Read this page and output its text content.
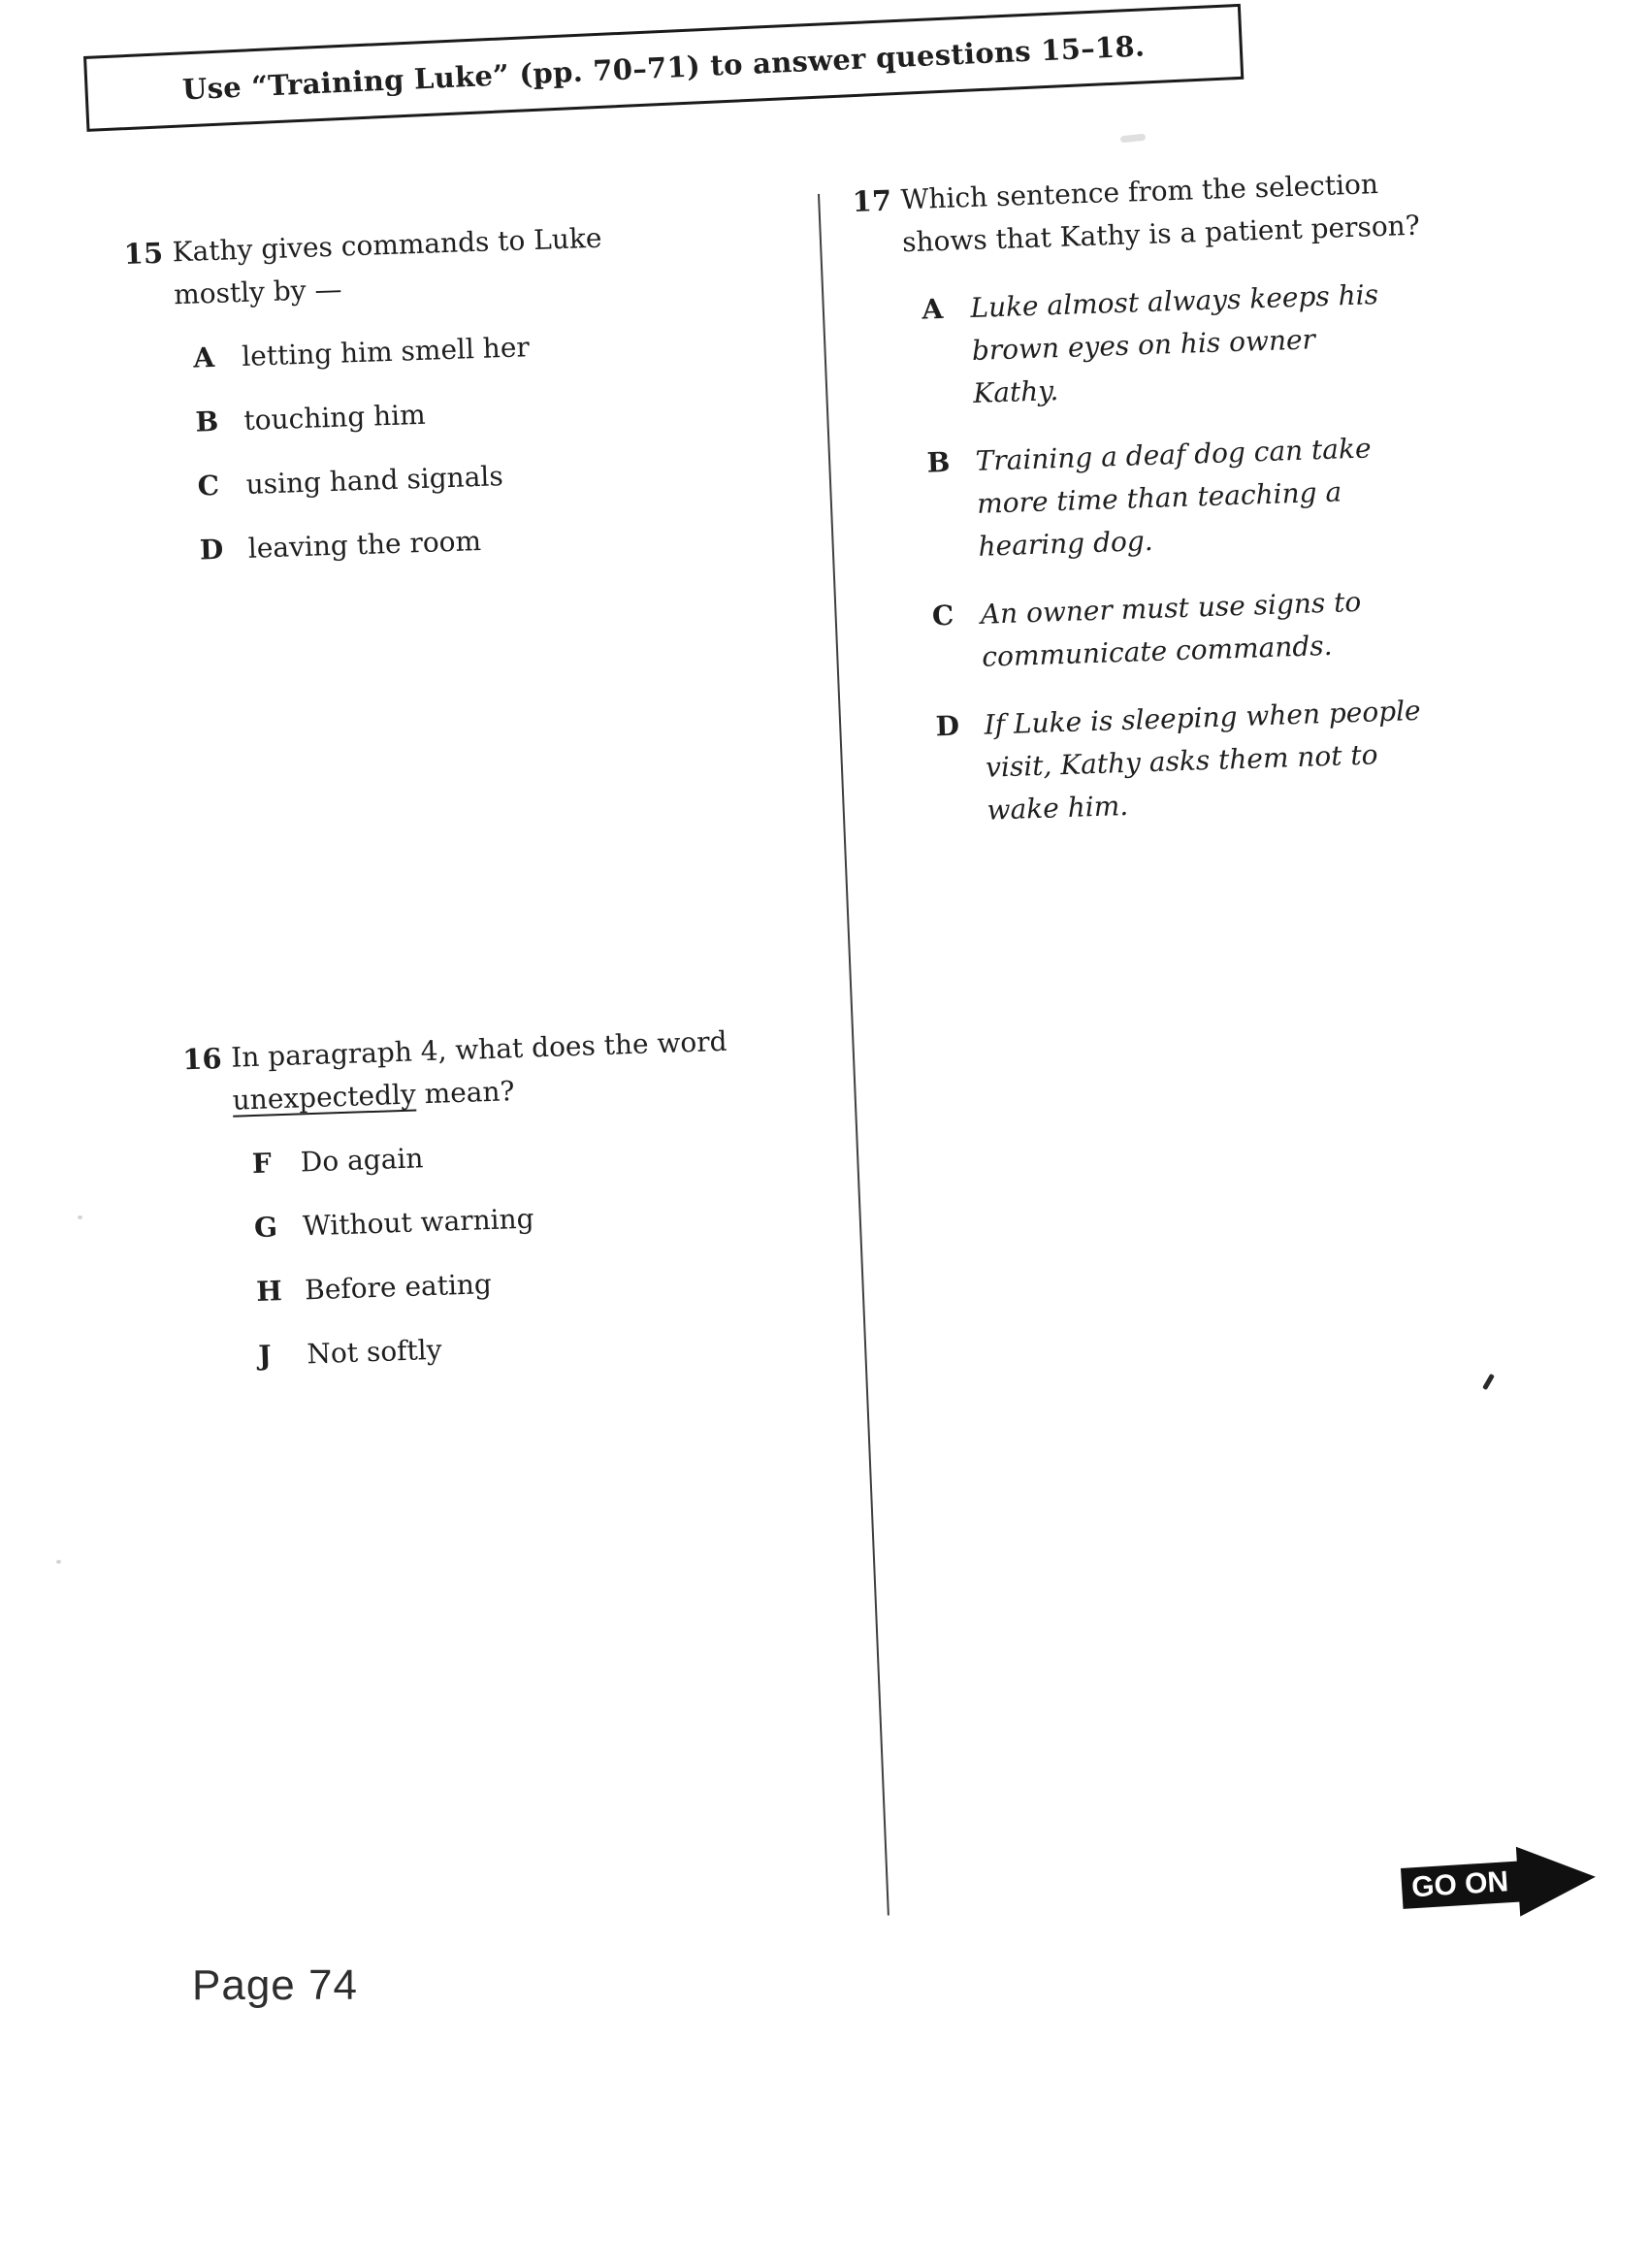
Use “Training Luke” (pp. 70–71) to answer questions 15–18.
15 Kathy gives commands to Luke mostly by —

A letting him smell her
B touching him
C using hand signals
D leaving the room
16 In paragraph 4, what does the word unexpectedly mean?

F	Do again
G Without warning
H Before eating
J	Not softly
17 Which sentence from the selection shows that Kathy is a patient person?

A Luke almost always keeps his brown eyes on his owner Kathy.
B Training a deaf dog can take more time than teaching a hearing dog.
C An owner must use signs to communicate commands.
D If Luke is sleeping when people visit, Kathy asks them not to wake him.
GO ON
Page 74
